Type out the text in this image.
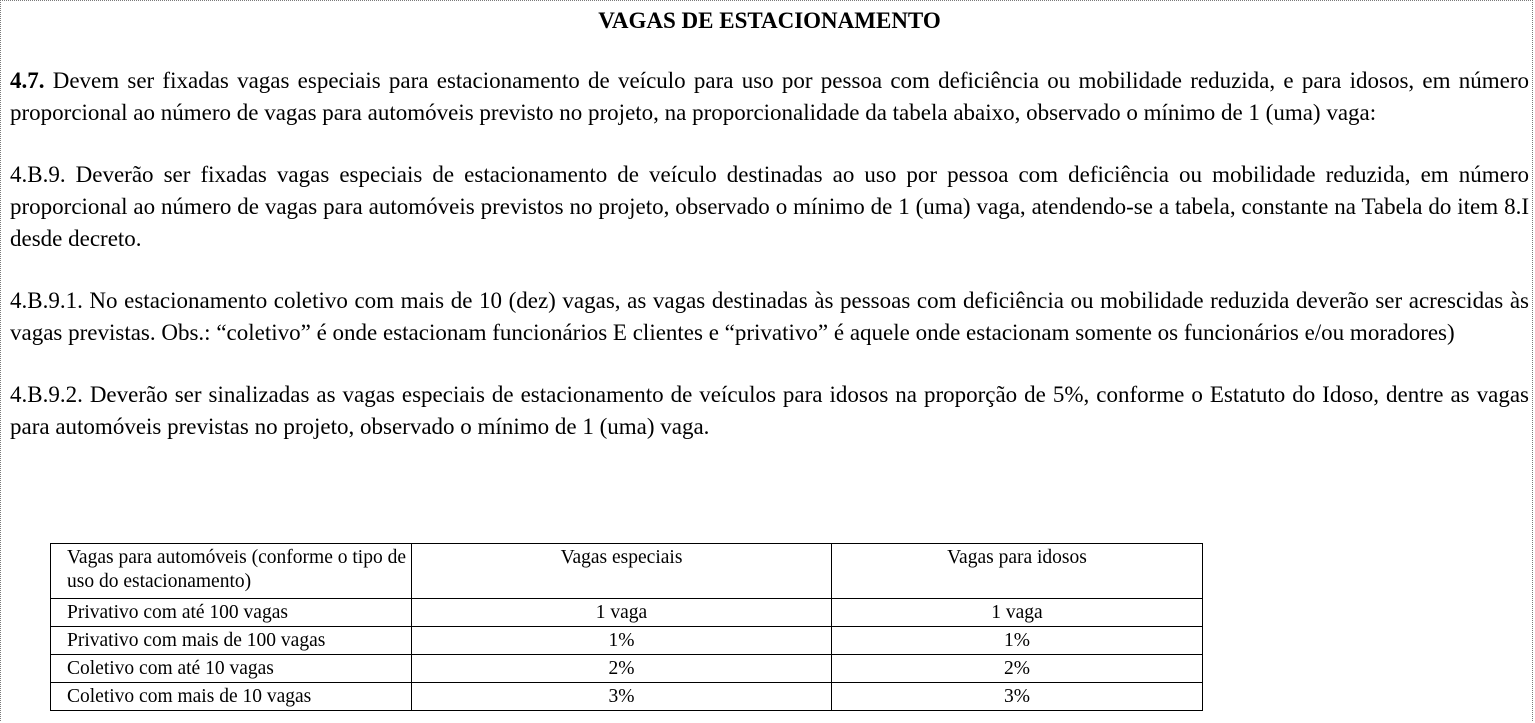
VAGAS DE ESTACIONAMENTO

4.7. Devem ser fixadas vagas especiais para estacionamento de veículo para uso por pessoa com deficiência ou mobilidade reduzida, e para idosos, em número proporcional ao número de vagas para automóveis previsto no projeto, na proporcionalidade da tabela abaixo, observado o mínimo de 1 (uma) vaga:

4.B.9. Deverão ser fixadas vagas especiais de estacionamento de veículo destinadas ao uso por pessoa com deficiência ou mobilidade reduzida, em número proporcional ao número de vagas para automóveis previstos no projeto, observado o mínimo de 1 (uma) vaga, atendendo-se a tabela, constante na Tabela do item 8.I desde decreto.

4.B.9.1. No estacionamento coletivo com mais de 10 (dez) vagas, as vagas destinadas às pessoas com deficiência ou mobilidade reduzida deverão ser acrescidas às vagas previstas. Obs.: “coletivo” é onde estacionam funcionários E clientes e “privativo” é aquele onde estacionam somente os funcionários e/ou moradores)

4.B.9.2. Deverão ser sinalizadas as vagas especiais de estacionamento de veículos para idosos na proporção de 5%, conforme o Estatuto do Idoso, dentre as vagas para automóveis previstas no projeto, observado o mínimo de 1 (uma) vaga.

Vagas para automóveis (conforme o tipo de uso do estacionamento)	Vagas especiais	Vagas para idosos
Privativo com até 100 vagas	1 vaga	1 vaga
Privativo com mais de 100 vagas	1%	1%
Coletivo com até 10 vagas	2%	2%
Coletivo com mais de 10 vagas	3%	3%
